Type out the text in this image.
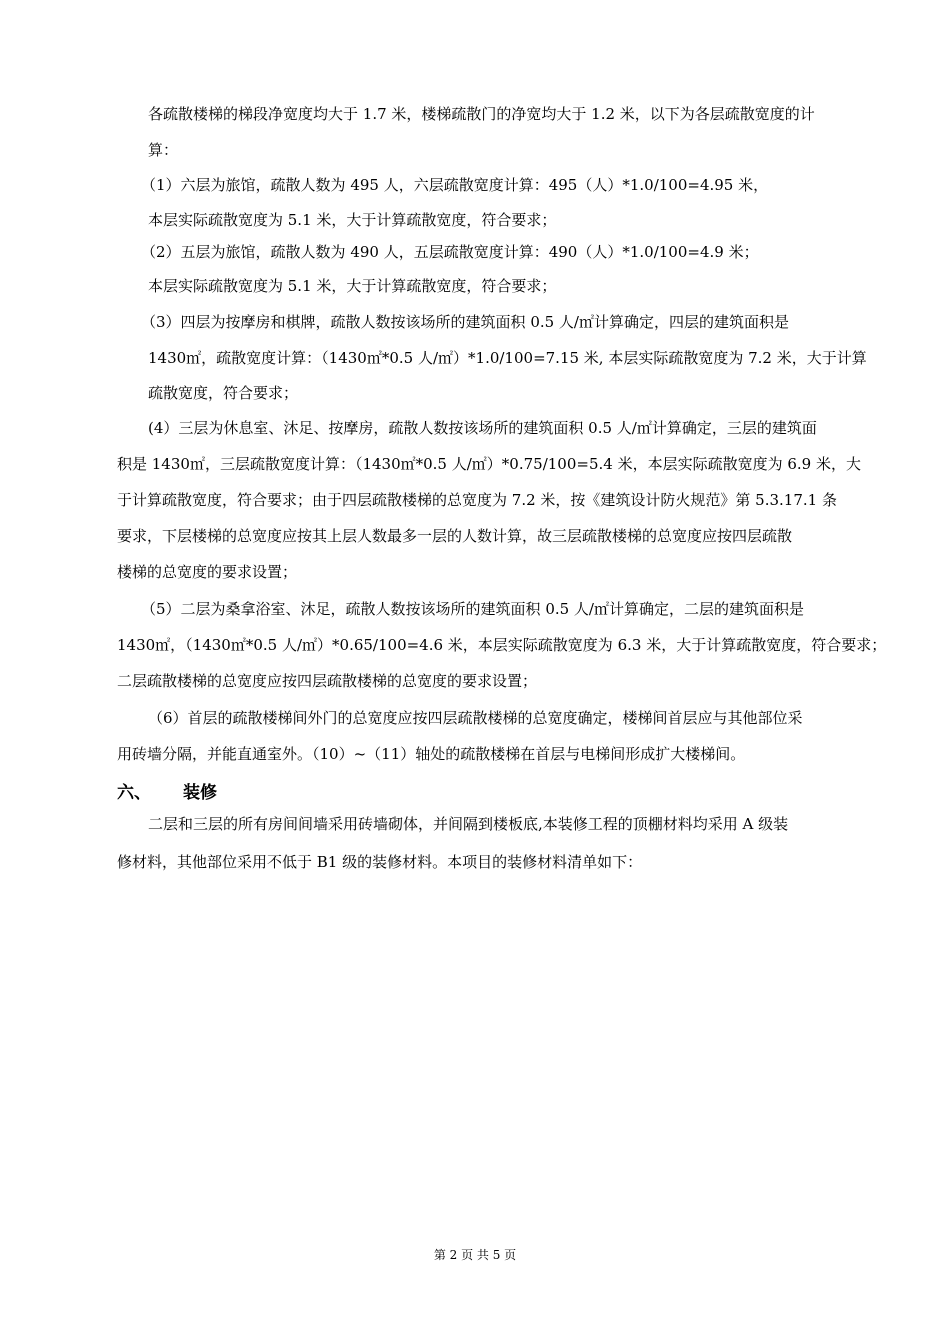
各疏散楼梯的梯段净宽度均大于 1.7 米，楼梯疏散门的净宽均大于 1.2 米，以下为各层疏散宽度的计
算：
（1）六层为旅馆，疏散人数为 495 人，六层疏散宽度计算：495（人）*1.0/100=4.95 米，
本层实际疏散宽度为 5.1 米，大于计算疏散宽度，符合要求；
（2）五层为旅馆，疏散人数为 490 人，五层疏散宽度计算：490（人）*1.0/100=4.9 米；
本层实际疏散宽度为 5.1 米，大于计算疏散宽度，符合要求；
（3）四层为按摩房和棋牌，疏散人数按该场所的建筑面积 0.5 人/㎡计算确定，四层的建筑面积是
1430㎡，疏散宽度计算：（1430㎡*0.5 人/㎡）*1.0/100=7.15 米, 本层实际疏散宽度为 7.2 米，大于计算
疏散宽度，符合要求；
(4）三层为休息室、沐足、按摩房，疏散人数按该场所的建筑面积 0.5 人/㎡计算确定，三层的建筑面
积是 1430㎡，三层疏散宽度计算：（1430㎡*0.5 人/㎡）*0.75/100=5.4 米，本层实际疏散宽度为 6.9 米，大
于计算疏散宽度，符合要求；由于四层疏散楼梯的总宽度为 7.2 米，按《建筑设计防火规范》第 5.3.17.1 条
要求，下层楼梯的总宽度应按其上层人数最多一层的人数计算，故三层疏散楼梯的总宽度应按四层疏散
楼梯的总宽度的要求设置；
（5）二层为桑拿浴室、沐足，疏散人数按该场所的建筑面积 0.5 人/㎡计算确定，二层的建筑面积是
1430㎡，（1430㎡*0.5 人/㎡）*0.65/100=4.6 米，本层实际疏散宽度为 6.3 米，大于计算疏散宽度，符合要求；
二层疏散楼梯的总宽度应按四层疏散楼梯的总宽度的要求设置；
（6）首层的疏散楼梯间外门的总宽度应按四层疏散楼梯的总宽度确定，楼梯间首层应与其他部位采
用砖墙分隔，并能直通室外。（10）~（11）轴处的疏散楼梯在首层与电梯间形成扩大楼梯间。
六、 装修
二层和三层的所有房间间墙采用砖墙砌体，并间隔到楼板底,本装修工程的顶棚材料均采用 A 级装
修材料，其他部位采用不低于 B1 级的装修材料。本项目的装修材料清单如下：
第 2 页 共 5 页
